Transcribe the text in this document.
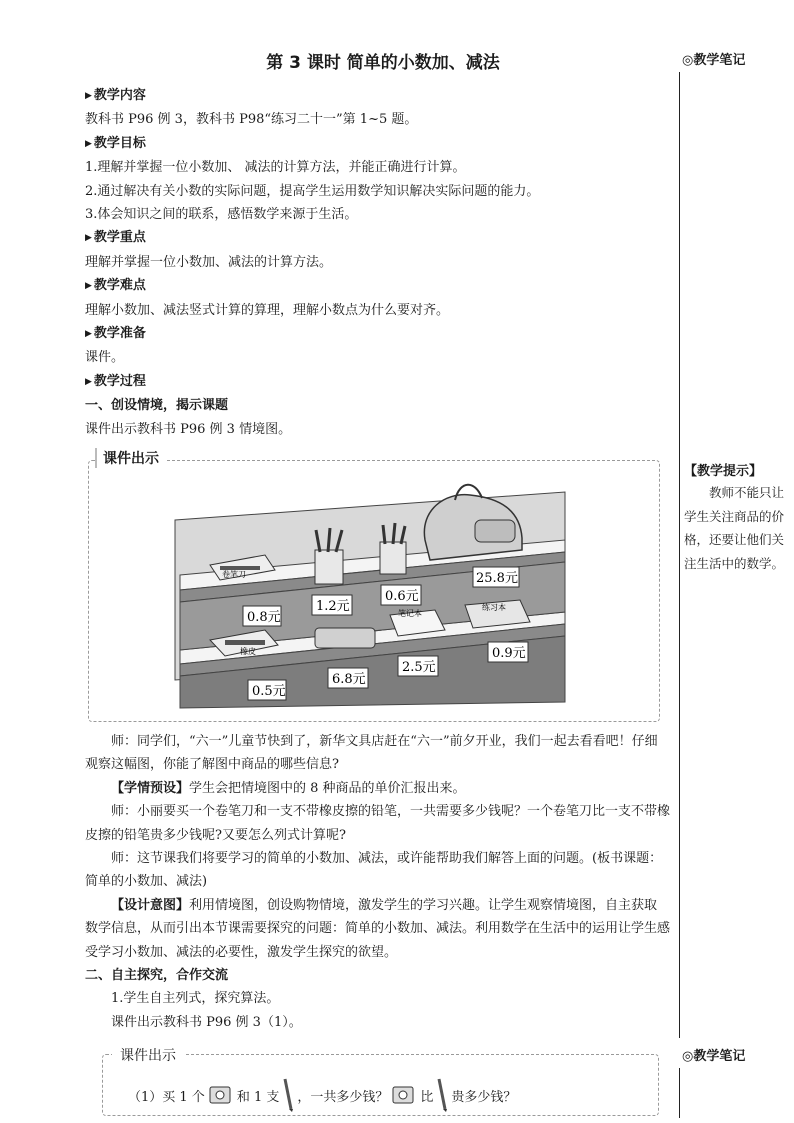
第 3 课时 简单的小数加、减法	◎教学笔记
【教学提示】
教师不能只让学生关注商品的价格，还要让他们关注生活中的数学。
◎教学笔记
▶ 教学内容
教科书 P96 例 3，教科书 P98“练习二十一”第 1~5 题。
▶ 教学目标
1.理解并掌握一位小数加、 减法的计算方法，并能正确进行计算。
2.通过解决有关小数的实际问题，提高学生运用数学知识解决实际问题的能力。
3.体会知识之间的联系，感悟数学来源于生活。
▶ 教学重点
理解并掌握一位小数加、减法的计算方法。
▶ 教学难点
理解小数加、减法竖式计算的算理，理解小数点为什么要对齐。
▶ 教学准备
课件。
▶ 教学过程
一、创设情境，揭示课题
课件出示教科书 P96 例 3 情境图。
课件出示
卷笔刀
橡皮
笔记本
练习本
0.8元
1.2元
0.6元
25.8元
0.5元
6.8元
2.5元
0.9元
师：同学们，“六一”儿童节快到了，新华文具店赶在“六一”前夕开业，我们一起去看看吧！仔细观察这幅图，你能了解图中商品的哪些信息?
【学情预设】学生会把情境图中的 8 种商品的单价汇报出来。
师：小丽要买一个卷笔刀和一支不带橡皮擦的铅笔，一共需要多少钱呢？一个卷笔刀比一支不带橡皮擦的铅笔贵多少钱呢?又要怎么列式计算呢?
师：这节课我们将要学习的简单的小数加、减法，或许能帮助我们解答上面的问题。(板书课题：简单的小数加、减法)
【设计意图】利用情境图，创设购物情境，激发学生的学习兴趣。让学生观察情境图，自主获取数学信息，从而引出本节课需要探究的问题：简单的小数加、减法。利用数学在生活中的运用让学生感受学习小数加、减法的必要性，激发学生探究的欲望。
二、自主探究，合作交流
1.学生自主列式，探究算法。
课件出示教科书 P96 例 3（1）。
课件出示
（1）买 1 个 和 1 支 ，一共多少钱？ 比 贵多少钱？
